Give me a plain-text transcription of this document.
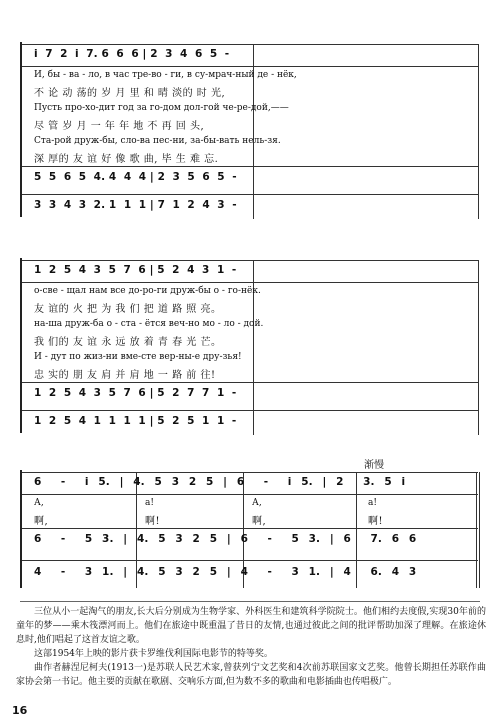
i  7  2  i  7. 6  6  6 | 2  3  4  6  5  -
И, бы - ва - ло, в час тре-во - ги, в су-мрач-ный де - нёк,
不 论 动 荡的 岁 月 里 和 晴 淡的 时 光,
Пусть про-хо-дит год за го-дом дол-гой че-ре-дой,——
尽 管 岁 月 一 年 年 地 不 再 回 头,
Ста-рой друж-бы, сло-ва пес-ни, за-бы-вать нель-зя.
深 厚的 友 谊 好 像 歌 曲, 毕 生 难 忘.
5  5  6  5  4. 4  4  4 | 2  3  5  6  5  -
3  3  4  3  2. 1  1  1 | 7  1  2  4  3  -
1  2  5  4  3  5  7  6 | 5  2  4  3  1  -
о-све - щал нам все до-ро-ги друж-бы о - го-нёк.
友 谊的 火 把 为 我 们 把 道 路 照 亮。
на-ша друж-ба о - ста - ётся веч-но мо - ло - дой.
我 们的 友 谊 永 远 放 着 青 春 光 芒。
И - дут по жиз-ни вме-сте вер-ны-е дру-зья!
忠 实的 朋 友 肩 并 肩 地 一 路 前 往!
1  2  5  4  3  5  7  6 | 5  2  7  7  1  -
1  2  5  4  1  1  1  1 | 5  2  5  1  1  -
渐慢
6  -  i 5. | 4. 5 3 2 5 | 6  -  i 5. | 2  3. 5 i
А,	а!	А,	а!
啊,	啊!	啊,	啊!
6  -  5 3. | 4. 5 3 2 5 | 6  -  5 3. | 6  7. 6 6
4  -  3 1. | 4. 5 3 2 5 | 4  -  3 1. | 4  6. 4 3

三位从小一起淘气的朋友,长大后分别成为生物学家、外科医生和建筑科学院院士。他们相约去度假,实现30年前的童年的梦——乘木筏漂河而上。他们在旅途中既重温了昔日的友情,也通过彼此之间的批评帮助加深了理解。在旅途休息时,他们唱起了这首友谊之歌。

这部1954年上映的影片获卡罗维伐利国际电影节的特等奖。

曲作者赫涅尼柯夫(1913一)是苏联人民艺术家,曾获列宁文艺奖和4次前苏联国家文艺奖。他曾长期担任苏联作曲家协会第一书记。他主要的贡献在歌剧、交响乐方面,但为数不多的歌曲和电影插曲也传唱极广。

16
